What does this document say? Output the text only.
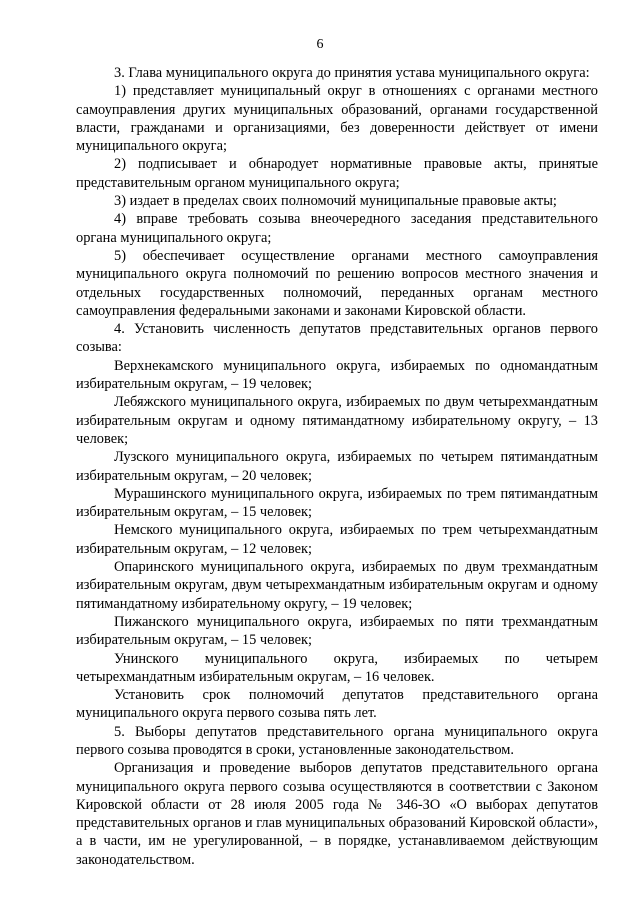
6

3. Глава муниципального округа до принятия устава муниципального округа:

1) представляет муниципальный округ в отношениях с органами местного самоуправления других муниципальных образований, органами государственной власти, гражданами и организациями, без доверенности действует от имени муниципального округа;

2) подписывает и обнародует нормативные правовые акты, принятые представительным органом муниципального округа;

3) издает в пределах своих полномочий муниципальные правовые акты;

4) вправе требовать созыва внеочередного заседания представительного органа муниципального округа;

5) обеспечивает осуществление органами местного самоуправления муниципального округа полномочий по решению вопросов местного значения и отдельных государственных полномочий, переданных органам местного самоуправления федеральными законами и законами Кировской области.

4. Установить численность депутатов представительных органов первого созыва:

Верхнекамского муниципального округа, избираемых по одномандатным избирательным округам, – 19 человек;

Лебяжского муниципального округа, избираемых по двум четырехмандатным избирательным округам и одному пятимандатному избирательному округу, – 13 человек;

Лузского муниципального округа, избираемых по четырем пятимандатным избирательным округам, – 20 человек;

Мурашинского муниципального округа, избираемых по трем пятимандатным избирательным округам, – 15 человек;

Немского муниципального округа, избираемых по трем четырехмандатным избирательным округам, – 12 человек;

Опаринского муниципального округа, избираемых по двум трехмандатным избирательным округам, двум четырехмандатным избирательным округам и одному пятимандатному избирательному округу, – 19 человек;

Пижанского муниципального округа, избираемых по пяти трехмандатным избирательным округам, – 15 человек;

Унинского муниципального округа, избираемых по четырем четырехмандатным избирательным округам, – 16 человек.

Установить срок полномочий депутатов представительного органа муниципального округа первого созыва пять лет.

5. Выборы депутатов представительного органа муниципального округа первого созыва проводятся в сроки, установленные законодательством.

Организация и проведение выборов депутатов представительного органа муниципального округа первого созыва осуществляются в соответствии с Законом Кировской области от 28 июля 2005 года № 346-ЗО «О выборах депутатов представительных органов и глав муниципальных образований Кировской области», а в части, им не урегулированной, – в порядке, устанавливаемом действующим законодательством.
